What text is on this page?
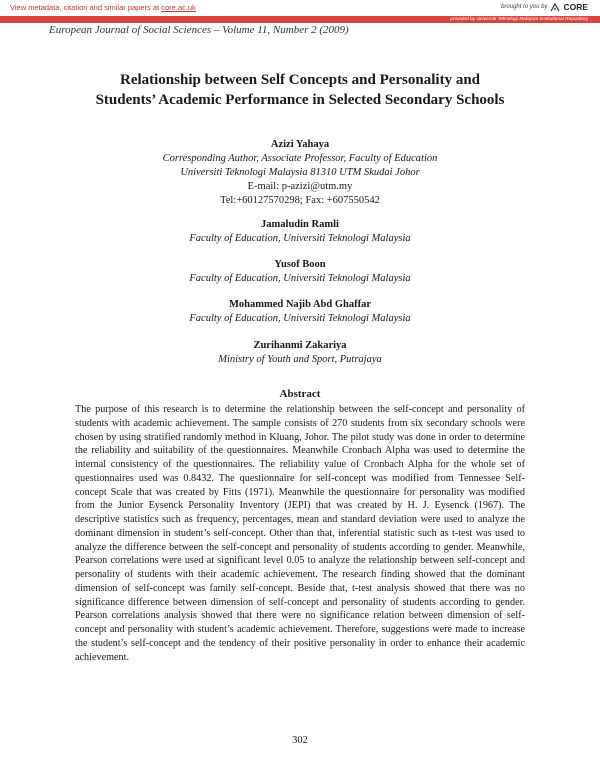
View metadata, citation and similar papers at core.ac.uk	brought to you by CORE
provided by Universiti Teknologi Malaysia Institutional Repository
European Journal of Social Sciences – Volume 11, Number 2 (2009)
Relationship between Self Concepts and Personality and
Students’ Academic Performance in Selected Secondary Schools
Azizi Yahaya
Corresponding Author, Associate Professor, Faculty of Education
Universiti Teknologi Malaysia 81310 UTM Skudai Johor
E-mail: p-azizi@utm.my
Tel:+60127570298; Fax: +607550542
Jamaludin Ramli
Faculty of Education, Universiti Teknologi Malaysia
Yusof Boon
Faculty of Education, Universiti Teknologi Malaysia
Mohammed Najib Abd Ghaffar
Faculty of Education, Universiti Teknologi Malaysia
Zurihanmi Zakariya
Ministry of Youth and Sport, Putrajaya
Abstract

The purpose of this research is to determine the relationship between the self-concept and personality of students with academic achievement. The sample consists of 270 students from six secondary schools were chosen by using stratified randomly method in Kluang, Johor. The pilot study was done in order to determine the reliability and suitability of the questionnaires. Meanwhile Cronbach Alpha was used to determine the internal consistency of the questionnaires. The reliability value of Cronbach Alpha for the whole set of questionnaires used was 0.8432. The questionnaire for self-concept was modified from Tennessee Self-concept Scale that was created by Fitts (1971). Meanwhile the questionnaire for personality was modified from the Junior Eysenck Personality Inventory (JEPI) that was created by H. J. Eysenck (1967). The descriptive statistics such as frequency, percentages, mean and standard deviation were used to analyze the dominant dimension in student’s self-concept. Other than that, inferential statistic such as t-test was used to analyze the difference between the self-concept and personality of students according to gender. Meanwhile, Pearson correlations were used at significant level 0.05 to analyze the relationship between self-concept and personality of students with their academic achievement. The research finding showed that the dominant dimension of self-concept was family self-concept. Beside that, t-test analysis showed that there was no significance difference between dimension of self-concept and personality of students according to gender. Pearson correlations analysis showed that there were no significance relation between dimension of self-concept and personality with student’s academic achievement. Therefore, suggestions were made to increase the student’s self-concept and the tendency of their positive personality in order to enhance their academic achievement.

302
